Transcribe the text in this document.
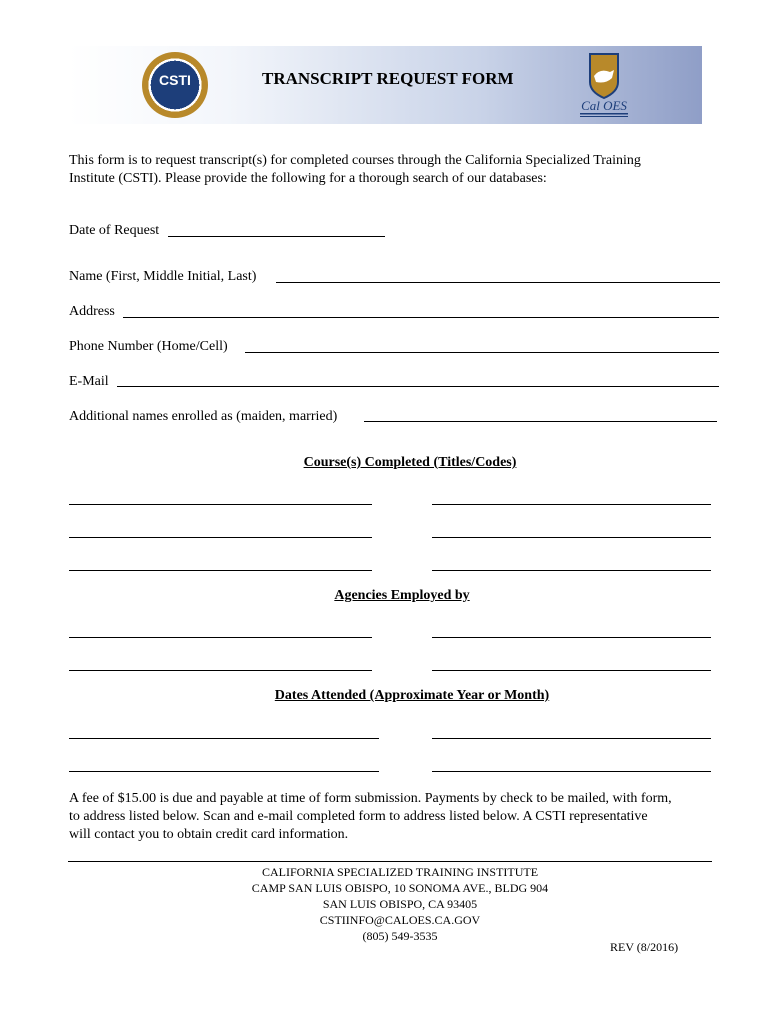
CSTI	TRANSCRIPT REQUEST FORM
Cal OES
This form is to request transcript(s) for completed courses through the California Specialized Training
Institute (CSTI). Please provide the following for a thorough search of our databases:
Date of Request
Name (First, Middle Initial, Last)
Address
Phone Number (Home/Cell)
E-Mail
Additional names enrolled as (maiden, married)
Course(s) Completed (Titles/Codes)
Agencies Employed by
Dates Attended (Approximate Year or Month)
A fee of $15.00 is due and payable at time of form submission. Payments by check to be mailed, with form,
to address listed below. Scan and e-mail completed form to address listed below. A CSTI representative
will contact you to obtain credit card information.
CALIFORNIA SPECIALIZED TRAINING INSTITUTE
CAMP SAN LUIS OBISPO, 10 SONOMA AVE., BLDG 904
SAN LUIS OBISPO, CA 93405
CSTIINFO@CALOES.CA.GOV
(805) 549-3535
REV (8/2016)
